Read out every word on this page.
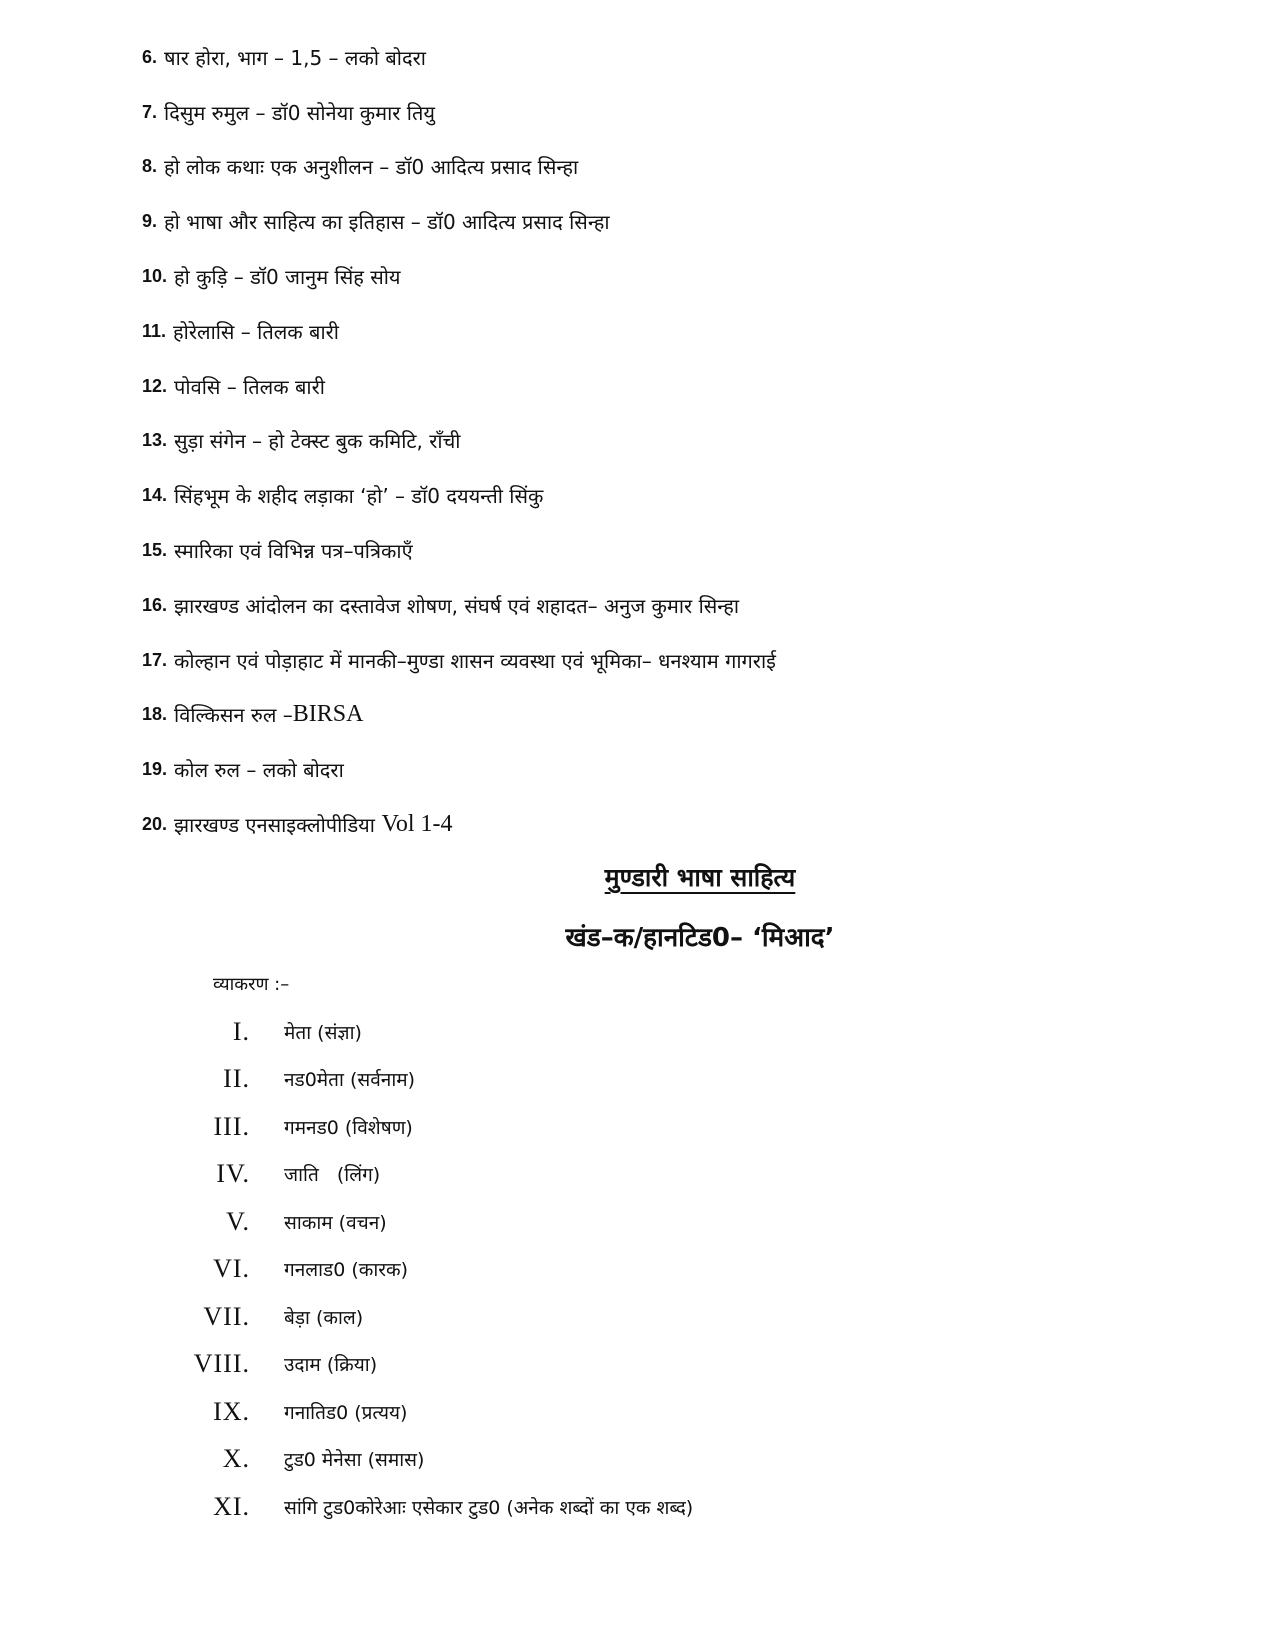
6. षार होरा, भाग – 1,5 – लको बोदरा
7. दिसुम रुमुल – डॉ0 सोनेया कुमार तियु
8. हो लोक कथाः एक अनुशीलन – डॉ0 आदित्य प्रसाद सिन्हा
9. हो भाषा और साहित्य का इतिहास – डॉ0 आदित्य प्रसाद सिन्हा
10. हो कुड़ि – डॉ0 जानुम सिंह सोय
11. होरेलासि – तिलक बारी
12. पोवसि – तिलक बारी
13. सुड़ा संगेन – हो टेक्स्ट बुक कमिटि, राँची
14. सिंहभूम के शहीद लड़ाका ‘हो’ – डॉ0 दययन्ती सिंकु
15. स्मारिका एवं विभिन्न पत्र–पत्रिकाएँ
16. झारखण्ड आंदोलन का दस्तावेज शोषण, संघर्ष एवं शहादत– अनुज कुमार सिन्हा
17. कोल्हान एवं पोड़ाहाट में मानकी–मुण्डा शासन व्यवस्था एवं भूमिका– धनश्याम गागराई
18. विल्किसन रुल – BIRSA
19. कोल रुल – लको बोदरा
20. झारखण्ड एनसाइक्लोपीडिया
Vol 1-4
मुण्डारी भाषा साहित्य
खंड–क/हानटिड0– ‘मिआद’
व्याकरण :–
I. मेता (संज्ञा)
II. नड0मेता (सर्वनाम)
III. गमनड0 (विशेषण)
IV. जाति   (लिंग)
V. साकाम (वचन)
VI. गनलाड0 (कारक)
VII. बेड़ा (काल)
VIII. उदाम (क्रिया)
IX. गनातिड0 (प्रत्यय)
X. टुड0 मेनेसा (समास)
XI. सांगि टुड0कोरेआः एसेकार टुड0 (अनेक शब्दों का एक शब्द)
